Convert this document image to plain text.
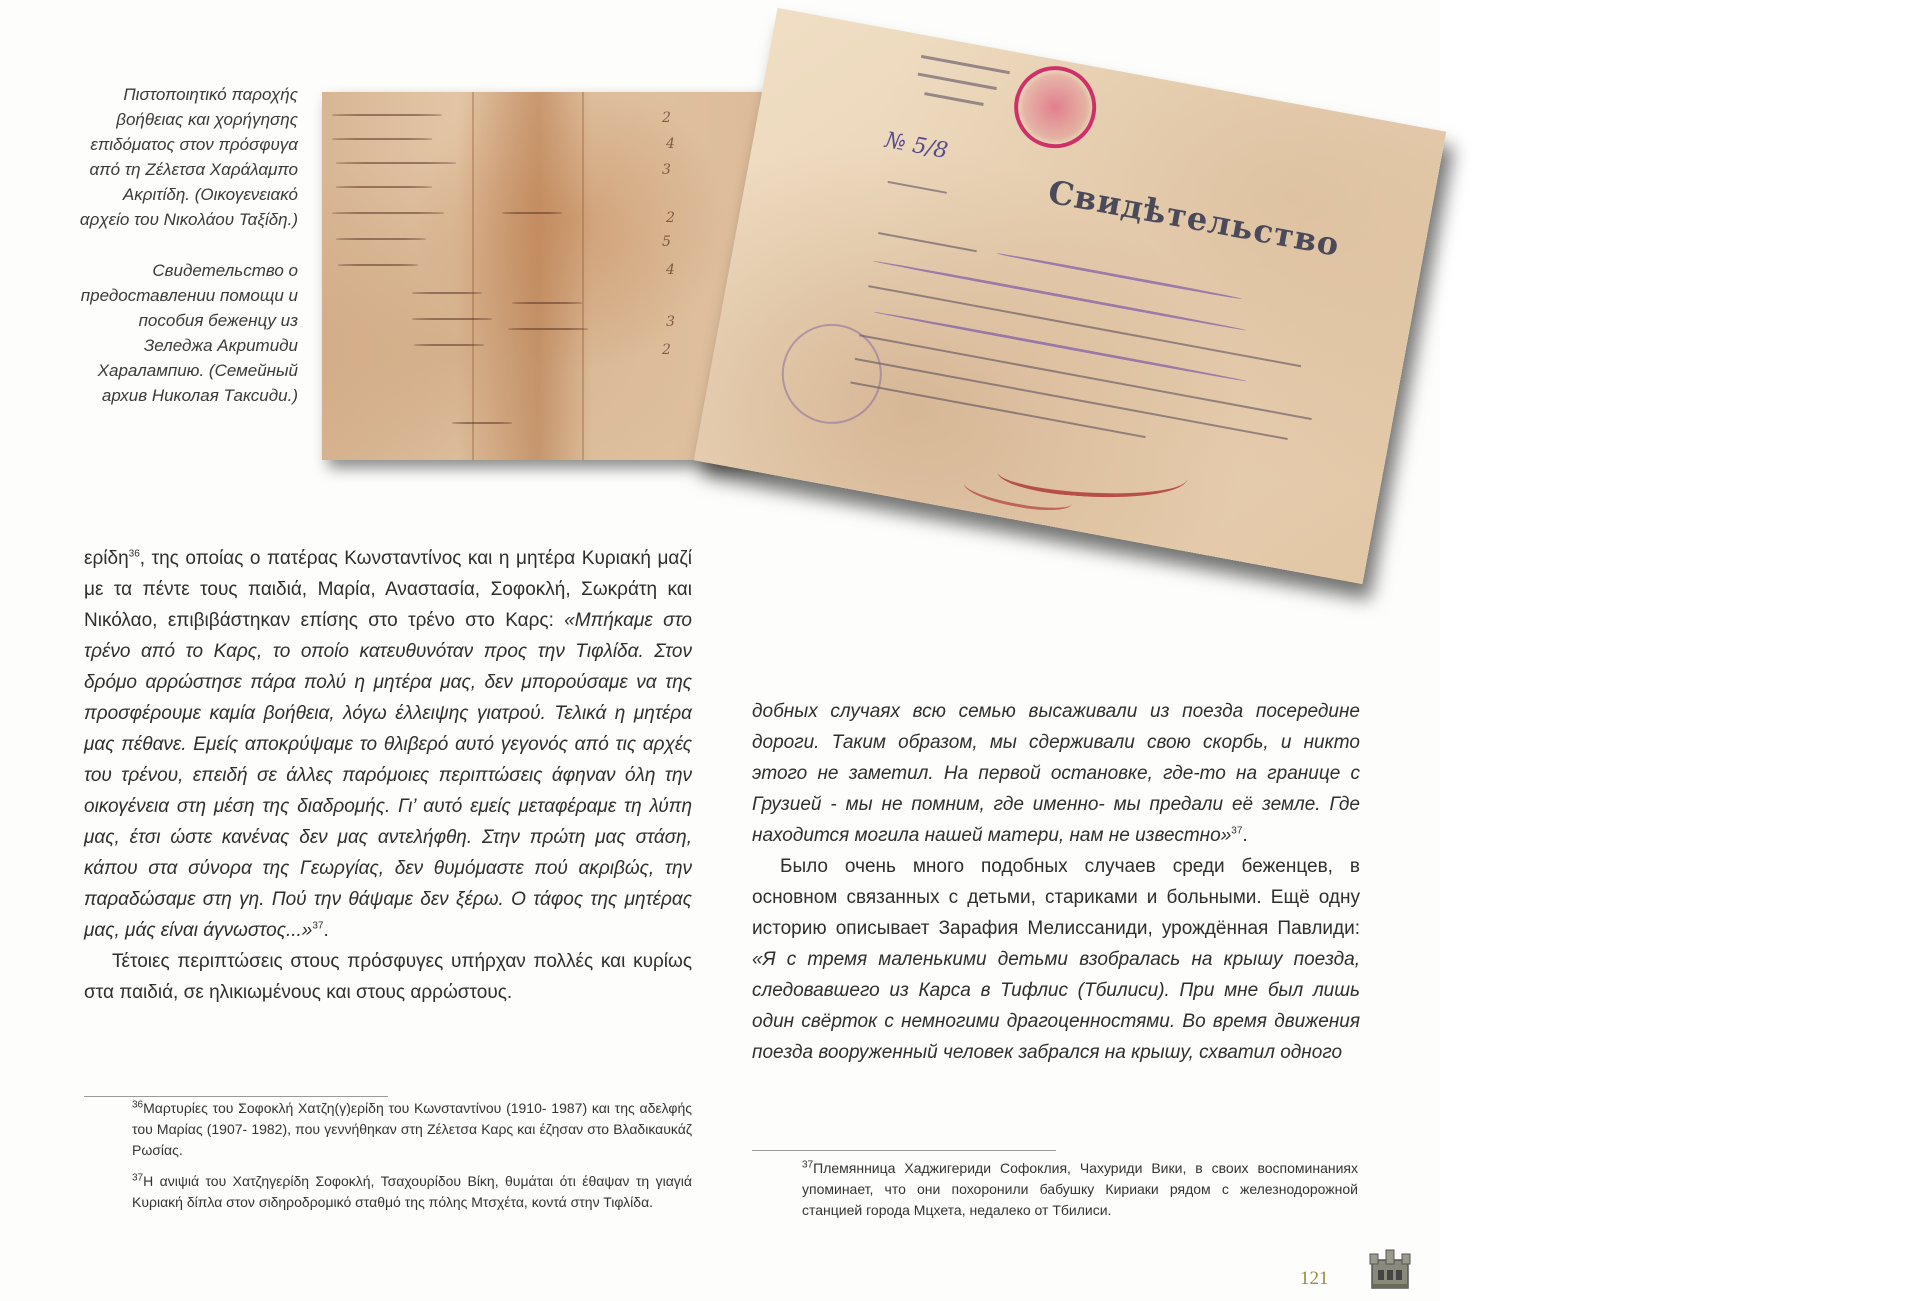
Πιστοποιητικό παροχής βοήθειας και χορήγησης επιδόματος στον πρόσφυγα από τη Ζέλετσα Χαράλαμπο Ακριτίδη. (Οικογενειακό αρχείο του Νικολάου Ταξίδη.)
Свидетельство о предоставлении помощи и пособия беженцу из Зеледжа Акритиди Харалампию. (Семейный архив Николая Таксиди.)
2
4
3
2
5
4
3
2
№ 5/8
Свидѣтельство

ερίδη$^{36}$, της οποίας ο πατέρας Κωνσταντίνος και η μητέρα Κυριακή μαζί με τα πέντε τους παιδιά, Μαρία, Αναστασία, Σοφοκλή, Σωκράτη και Νικόλαο, επιβιβάστηκαν επίσης στο τρένο στο Καρς: «Μπήκαμε στο τρένο από το Καρς, το οποίο κατευθυνόταν προς την Τιφλίδα. Στον δρόμο αρρώστησε πάρα πολύ η μητέρα μας, δεν μπορούσαμε να της προσφέρουμε καμία βοήθεια, λόγω έλλειψης γιατρού. Τελικά η μητέρα μας πέθανε. Εμείς αποκρύψαμε το θλιβερό αυτό γεγονός από τις αρχές του τρένου, επειδή σε άλλες παρόμοιες περιπτώσεις άφηναν όλη την οικογένεια στη μέση της διαδρομής. Γι’ αυτό εμείς μεταφέραμε τη λύπη μας, έτσι ώστε κανένας δεν μας αντελήφθη. Στην πρώτη μας στάση, κάπου στα σύνορα της Γεωργίας, δεν θυμόμαστε πού ακριβώς, την παραδώσαμε στη γη. Πού την θάψαμε δεν ξέρω. Ο τάφος της μητέρας μας, μάς είναι άγνωστος...»$^{37}$.

Τέτοιες περιπτώσεις στους πρόσφυγες υπήρχαν πολλές και κυρίως στα παιδιά, σε ηλικιωμένους και στους αρρώστους.

добных случаях всю семью высаживали из поезда посередине дороги. Таким образом, мы сдерживали свою скорбь, и никто этого не заметил. На первой остановке, где-то на границе с Грузией - мы не помним, где именно- мы предали её земле. Где находится могила нашей матери, нам не известно»$^{37}$.

Было очень много подобных случаев среди беженцев, в основном связанных с детьми, стариками и больными. Ещё одну историю описывает Зарафия Мелиссаниди, урождённая Павлиди: «Я с тремя маленькими детьми взобралась на крышу поезда, следовавшего из Карса в Тифлис (Тбилиси). При мне был лишь один свёрток с немногими драгоценностями. Во время движения поезда вооруженный человек забрался на крышу, схватил одного

$^{36}$Μαρτυρίες του Σοφοκλή Χατζη(γ)ερίδη του Κωνσταντίνου (1910- 1987) και της αδελφής του Μαρίας (1907- 1982), που γεννήθηκαν στη Ζέλετσα Καρς και έζησαν στο Βλαδικαυκάζ Ρωσίας.

$^{37}$Η ανιψιά του Χατζηγερίδη Σοφοκλή, Τσαχουρίδου Βίκη, θυμάται ότι έθαψαν τη γιαγιά Κυριακή δίπλα στον σιδηροδρομικό σταθμό της πόλης Μτσχέτα, κοντά στην Τιφλίδα.

$^{37}$Племянница Хаджигериди Софоклия, Чахуриди Вики, в своих воспоминаниях упоминает, что они похоронили бабушку Кириаки рядом с железнодорожной станцией города Мцхета, недалеко от Тбилиси.

121
